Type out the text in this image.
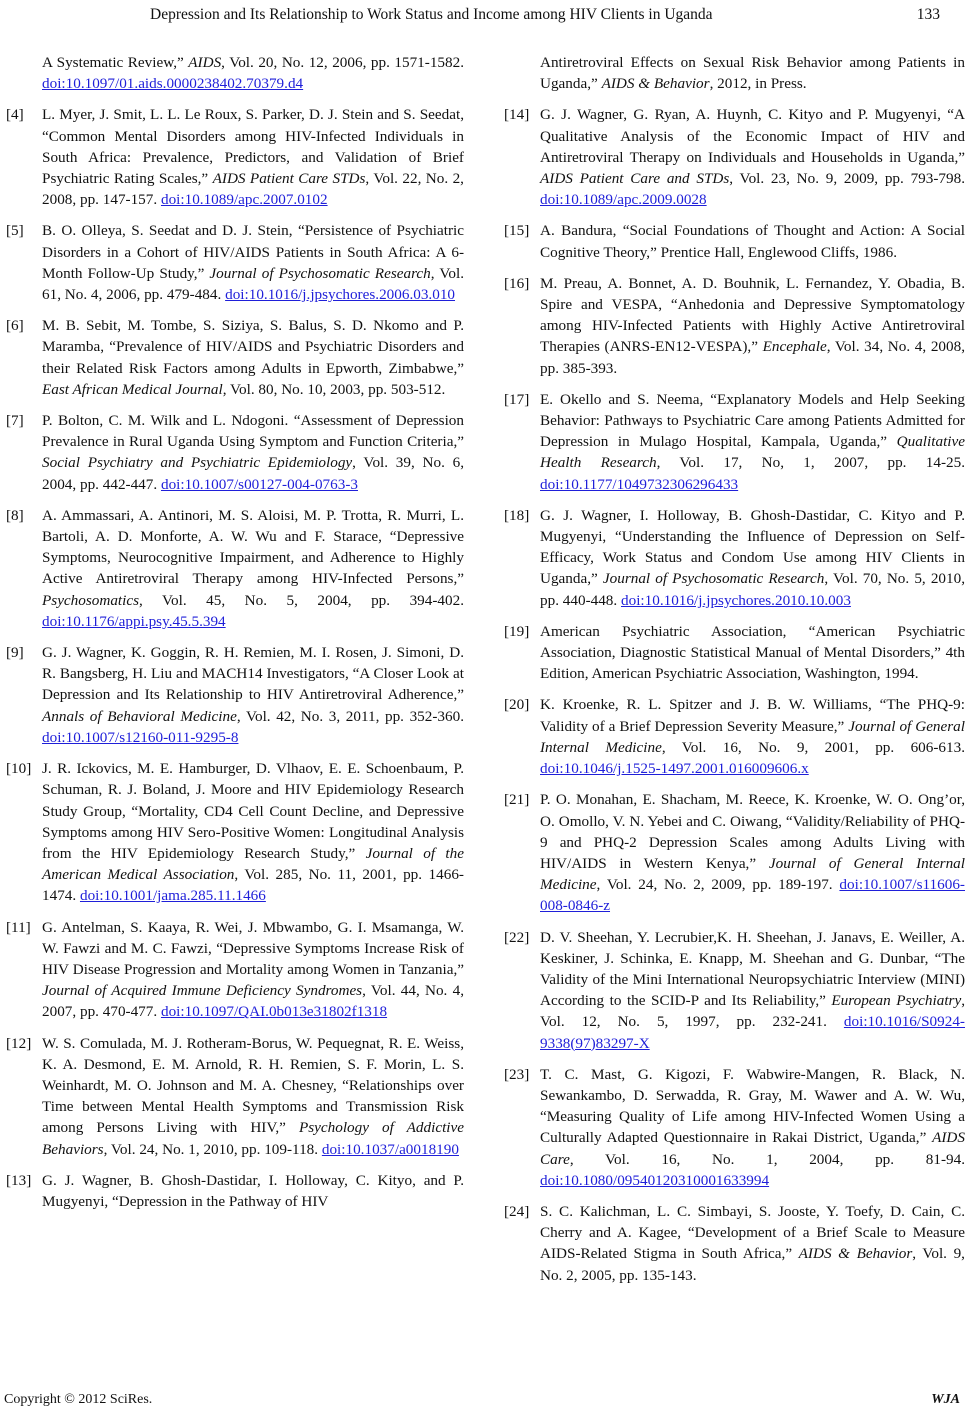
Depression and Its Relationship to Work Status and Income among HIV Clients in Uganda	133
A Systematic Review,” AIDS, Vol. 20, No. 12, 2006, pp. 1571-1582. doi:10.1097/01.aids.0000238402.70379.d4
[4] L. Myer, J. Smit, L. L. Le Roux, S. Parker, D. J. Stein and S. Seedat, “Common Mental Disorders among HIV-Infected Individuals in South Africa: Prevalence, Predictors, and Validation of Brief Psychiatric Rating Scales,” AIDS Patient Care STDs, Vol. 22, No. 2, 2008, pp. 147-157. doi:10.1089/apc.2007.0102
[5] B. O. Olleya, S. Seedat and D. J. Stein, “Persistence of Psychiatric Disorders in a Cohort of HIV/AIDS Patients in South Africa: A 6-Month Follow-Up Study,” Journal of Psychosomatic Research, Vol. 61, No. 4, 2006, pp. 479-484. doi:10.1016/j.jpsychores.2006.03.010
[6] M. B. Sebit, M. Tombe, S. Siziya, S. Balus, S. D. Nkomo and P. Maramba, “Prevalence of HIV/AIDS and Psychiatric Disorders and their Related Risk Factors among Adults in Epworth, Zimbabwe,” East African Medical Journal, Vol. 80, No. 10, 2003, pp. 503-512.
[7] P. Bolton, C. M. Wilk and L. Ndogoni. “Assessment of Depression Prevalence in Rural Uganda Using Symptom and Function Criteria,” Social Psychiatry and Psychiatric Epidemiology, Vol. 39, No. 6, 2004, pp. 442-447. doi:10.1007/s00127-004-0763-3
[8] A. Ammassari, A. Antinori, M. S. Aloisi, M. P. Trotta, R. Murri, L. Bartoli, A. D. Monforte, A. W. Wu and F. Starace, “Depressive Symptoms, Neurocognitive Impairment, and Adherence to Highly Active Antiretroviral Therapy among HIV-Infected Persons,” Psychosomatics, Vol. 45, No. 5, 2004, pp. 394-402. doi:10.1176/appi.psy.45.5.394
[9] G. J. Wagner, K. Goggin, R. H. Remien, M. I. Rosen, J. Simoni, D. R. Bangsberg, H. Liu and MACH14 Investigators, “A Closer Look at Depression and Its Relationship to HIV Antiretroviral Adherence,” Annals of Behavioral Medicine, Vol. 42, No. 3, 2011, pp. 352-360. doi:10.1007/s12160-011-9295-8
[10] J. R. Ickovics, M. E. Hamburger, D. Vlhaov, E. E. Schoenbaum, P. Schuman, R. J. Boland, J. Moore and HIV Epidemiology Research Study Group, “Mortality, CD4 Cell Count Decline, and Depressive Symptoms among HIV Sero-Positive Women: Longitudinal Analysis from the HIV Epidemiology Research Study,” Journal of the American Medical Association, Vol. 285, No. 11, 2001, pp. 1466-1474. doi:10.1001/jama.285.11.1466
[11] G. Antelman, S. Kaaya, R. Wei, J. Mbwambo, G. I. Msamanga, W. W. Fawzi and M. C. Fawzi, “Depressive Symptoms Increase Risk of HIV Disease Progression and Mortality among Women in Tanzania,” Journal of Acquired Immune Deficiency Syndromes, Vol. 44, No. 4, 2007, pp. 470-477. doi:10.1097/QAI.0b013e31802f1318
[12] W. S. Comulada, M. J. Rotheram-Borus, W. Pequegnat, R. E. Weiss, K. A. Desmond, E. M. Arnold, R. H. Remien, S. F. Morin, L. S. Weinhardt, M. O. Johnson and M. A. Chesney, “Relationships over Time between Mental Health Symptoms and Transmission Risk among Persons Living with HIV,” Psychology of Addictive Behaviors, Vol. 24, No. 1, 2010, pp. 109-118. doi:10.1037/a0018190
[13] G. J. Wagner, B. Ghosh-Dastidar, I. Holloway, C. Kityo, and P. Mugyenyi, “Depression in the Pathway of HIV
Antiretroviral Effects on Sexual Risk Behavior among Patients in Uganda,” AIDS & Behavior, 2012, in Press.
[14] G. J. Wagner, G. Ryan, A. Huynh, C. Kityo and P. Mugyenyi, “A Qualitative Analysis of the Economic Impact of HIV and Antiretroviral Therapy on Individuals and Households in Uganda,” AIDS Patient Care and STDs, Vol. 23, No. 9, 2009, pp. 793-798. doi:10.1089/apc.2009.0028
[15] A. Bandura, “Social Foundations of Thought and Action: A Social Cognitive Theory,” Prentice Hall, Englewood Cliffs, 1986.
[16] M. Preau, A. Bonnet, A. D. Bouhnik, L. Fernandez, Y. Obadia, B. Spire and VESPA, “Anhedonia and Depressive Symptomatology among HIV-Infected Patients with Highly Active Antiretroviral Therapies (ANRS-EN12-VESPA),” Encephale, Vol. 34, No. 4, 2008, pp. 385-393.
[17] E. Okello and S. Neema, “Explanatory Models and Help Seeking Behavior: Pathways to Psychiatric Care among Patients Admitted for Depression in Mulago Hospital, Kampala, Uganda,” Qualitative Health Research, Vol. 17, No, 1, 2007, pp. 14-25. doi:10.1177/1049732306296433
[18] G. J. Wagner, I. Holloway, B. Ghosh-Dastidar, C. Kityo and P. Mugyenyi, “Understanding the Influence of Depression on Self-Efficacy, Work Status and Condom Use among HIV Clients in Uganda,” Journal of Psychosomatic Research, Vol. 70, No. 5, 2010, pp. 440-448. doi:10.1016/j.jpsychores.2010.10.003
[19] American Psychiatric Association, “American Psychiatric Association, Diagnostic Statistical Manual of Mental Disorders,” 4th Edition, American Psychiatric Association, Washington, 1994.
[20] K. Kroenke, R. L. Spitzer and J. B. W. Williams, “The PHQ-9: Validity of a Brief Depression Severity Measure,” Journal of General Internal Medicine, Vol. 16, No. 9, 2001, pp. 606-613. doi:10.1046/j.1525-1497.2001.016009606.x
[21] P. O. Monahan, E. Shacham, M. Reece, K. Kroenke, W. O. Ong’or, O. Omollo, V. N. Yebei and C. Oiwang, “Validity/Reliability of PHQ-9 and PHQ-2 Depression Scales among Adults Living with HIV/AIDS in Western Kenya,” Journal of General Internal Medicine, Vol. 24, No. 2, 2009, pp. 189-197. doi:10.1007/s11606-008-0846-z
[22] D. V. Sheehan, Y. Lecrubier,K. H. Sheehan, J. Janavs, E. Weiller, A. Keskiner, J. Schinka, E. Knapp, M. Sheehan and G. Dunbar, “The Validity of the Mini International Neuropsychiatric Interview (MINI) According to the SCID-P and Its Reliability,” European Psychiatry, Vol. 12, No. 5, 1997, pp. 232-241. doi:10.1016/S0924-9338(97)83297-X
[23] T. C. Mast, G. Kigozi, F. Wabwire-Mangen, R. Black, N. Sewankambo, D. Serwadda, R. Gray, M. Wawer and A. W. Wu, “Measuring Quality of Life among HIV-Infected Women Using a Culturally Adapted Questionnaire in Rakai District, Uganda,” AIDS Care, Vol. 16, No. 1, 2004, pp. 81-94. doi:10.1080/09540120310001633994
[24] S. C. Kalichman, L. C. Simbayi, S. Jooste, Y. Toefy, D. Cain, C. Cherry and A. Kagee, “Development of a Brief Scale to Measure AIDS-Related Stigma in South Africa,” AIDS & Behavior, Vol. 9, No. 2, 2005, pp. 135-143.
Copyright © 2012 SciRes.	WJA
